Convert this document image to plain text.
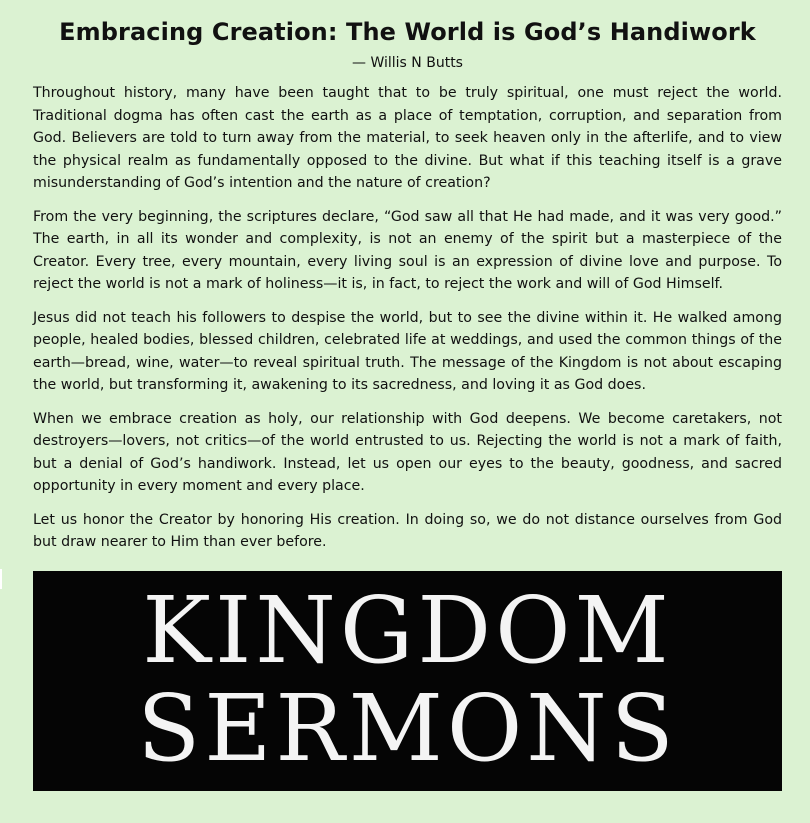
Embracing Creation: The World is God’s Handiwork

— Willis N Butts

Throughout history, many have been taught that to be truly spiritual, one must reject the world. Traditional dogma has often cast the earth as a place of temptation, corruption, and separation from God. Believers are told to turn away from the material, to seek heaven only in the afterlife, and to view the physical realm as fundamentally opposed to the divine. But what if this teaching itself is a grave misunderstanding of God’s intention and the nature of creation?

From the very beginning, the scriptures declare, “God saw all that He had made, and it was very good.” The earth, in all its wonder and complexity, is not an enemy of the spirit but a masterpiece of the Creator. Every tree, every mountain, every living soul is an expression of divine love and purpose. To reject the world is not a mark of holiness—it is, in fact, to reject the work and will of God Himself.

Jesus did not teach his followers to despise the world, but to see the divine within it. He walked among people, healed bodies, blessed children, celebrated life at weddings, and used the common things of the earth—bread, wine, water—to reveal spiritual truth. The message of the Kingdom is not about escaping the world, but transforming it, awakening to its sacredness, and loving it as God does.

When we embrace creation as holy, our relationship with God deepens. We become caretakers, not destroyers—lovers, not critics—of the world entrusted to us. Rejecting the world is not a mark of faith, but a denial of God’s handiwork. Instead, let us open our eyes to the beauty, goodness, and sacred opportunity in every moment and every place.

Let us honor the Creator by honoring His creation. In doing so, we do not distance ourselves from God but draw nearer to Him than ever before.

KINGDOM
SERMONS
